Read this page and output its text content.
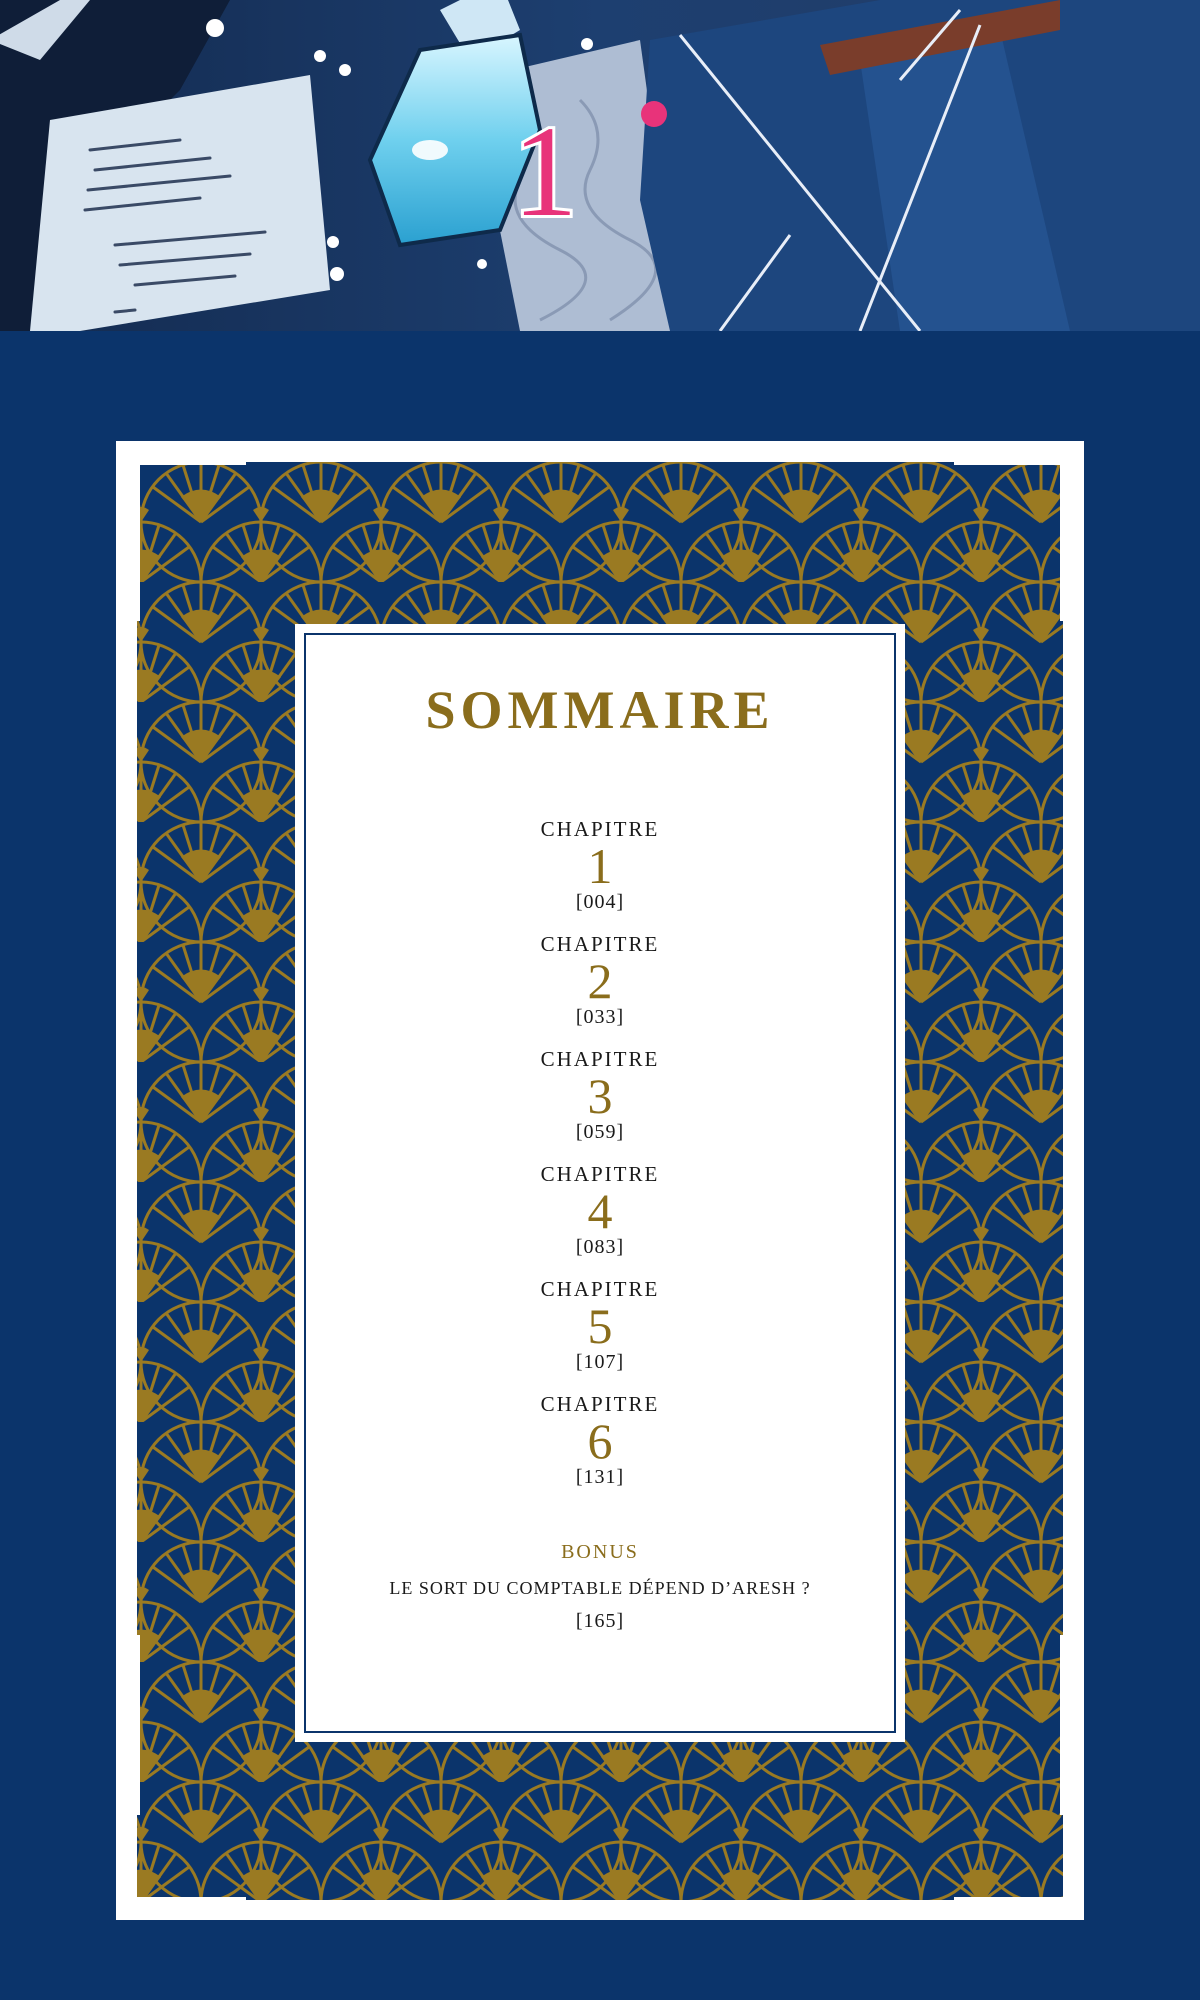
1
SOMMAIRE
CHAPITRE
1
[004]
CHAPITRE
2
[033]
CHAPITRE
3
[059]
CHAPITRE
4
[083]
CHAPITRE
5
[107]
CHAPITRE
6
[131]
BONUS
LE SORT DU COMPTABLE DÉPEND D’ARESH ?
[165]
